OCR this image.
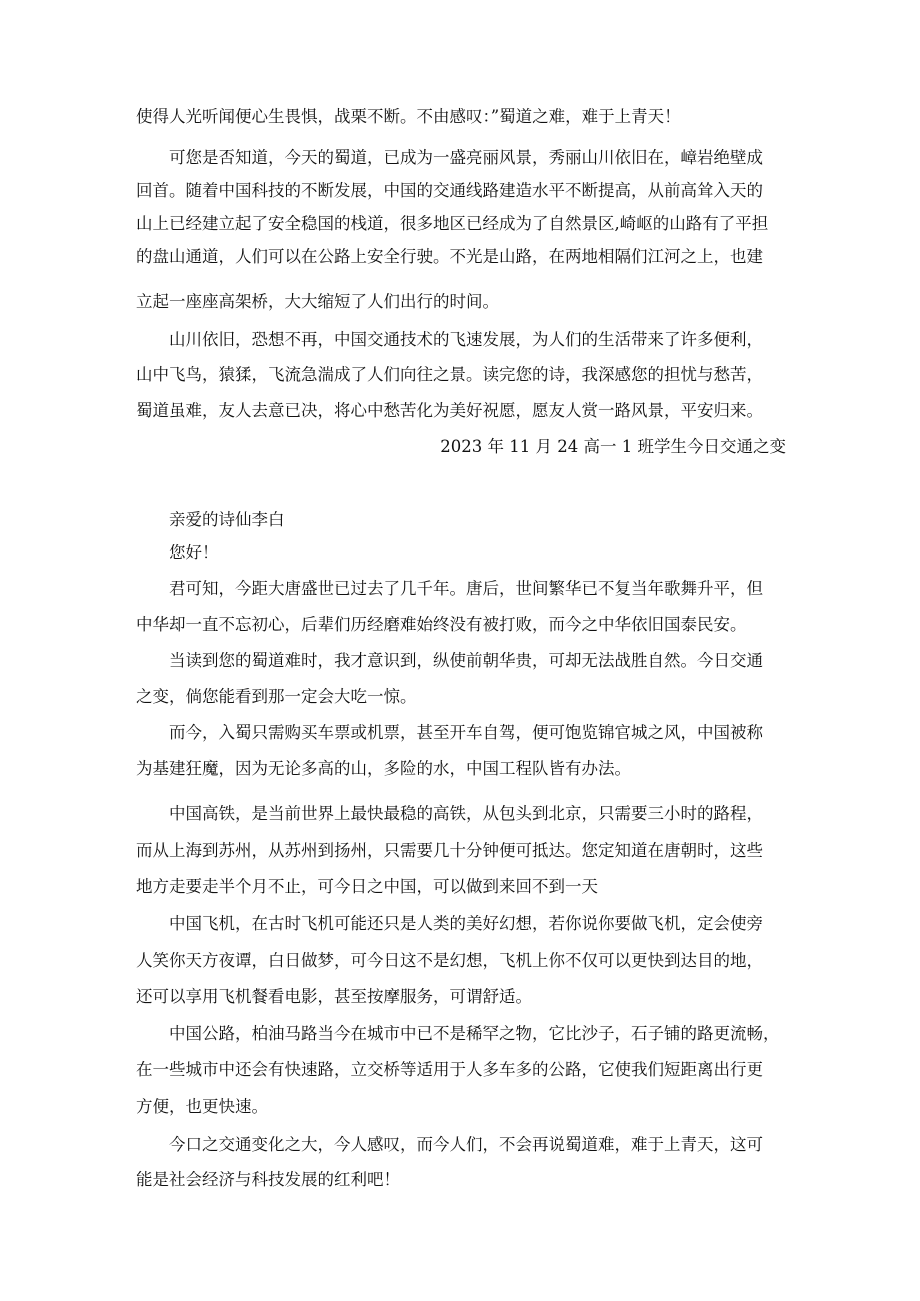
使得人光听闻便心生畏惧，战栗不断。不由感叹：”蜀道之难，难于上青天！

可您是否知道，今天的蜀道，已成为一盛亮丽风景，秀丽山川依旧在，嶂岩绝壁成

回首。随着中国科技的不断发展，中国的交通线路建造水平不断提高，从前高耸入天的

山上已经建立起了安全稳国的栈道，很多地区已经成为了自然景区,崎岖的山路有了平担

的盘山通道，人们可以在公路上安全行驶。不光是山路，在两地相隔们江河之上，也建

立起一座座高架桥，大大缩短了人们出行的时间。

山川依旧，恐想不再，中国交通技术的飞速发展，为人们的生活带来了许多便利，

山中飞鸟，猿猱，飞流急湍成了人们向往之景。读完您的诗，我深感您的担忧与愁苦，

蜀道虽难，友人去意已决，将心中愁苦化为美好祝愿，愿友人赏一路风景，平安归来。

2023 年 11 月 24 高一 1 班学生今日交通之变

亲爱的诗仙李白

您好！

君可知，今距大唐盛世已过去了几千年。唐后，世间繁华已不复当年歌舞升平，但

中华却一直不忘初心，后辈们历经磨难始终没有被打败，而今之中华依旧国泰民安。

当读到您的蜀道难时，我才意识到，纵使前朝华贵，可却无法战胜自然。今日交通

之变，倘您能看到那一定会大吃一惊。

而今，入蜀只需购买车票或机票，甚至开车自驾，便可饱览锦官城之风，中国被称

为基建狂魔，因为无论多高的山，多险的水，中国工程队皆有办法。

中国高铁，是当前世界上最快最稳的高铁，从包头到北京，只需要三小时的路程，

而从上海到苏州，从苏州到扬州，只需要几十分钟便可抵达。您定知道在唐朝时，这些

地方走要走半个月不止，可今日之中国，可以做到来回不到一天

中国飞机，在古时飞机可能还只是人类的美好幻想，若你说你要做飞机，定会使旁

人笑你天方夜谭，白日做梦，可今日这不是幻想，飞机上你不仅可以更快到达目的地，

还可以享用飞机餐看电影，甚至按摩服务，可谓舒适。

中国公路，柏油马路当今在城市中已不是稀罕之物，它比沙子，石子铺的路更流畅，

在一些城市中还会有快速路，立交桥等适用于人多车多的公路，它使我们短距离出行更

方便，也更快速。

今口之交通变化之大，今人感叹，而今人们，不会再说蜀道难，难于上青天，这可

能是社会经济与科技发展的红利吧！
